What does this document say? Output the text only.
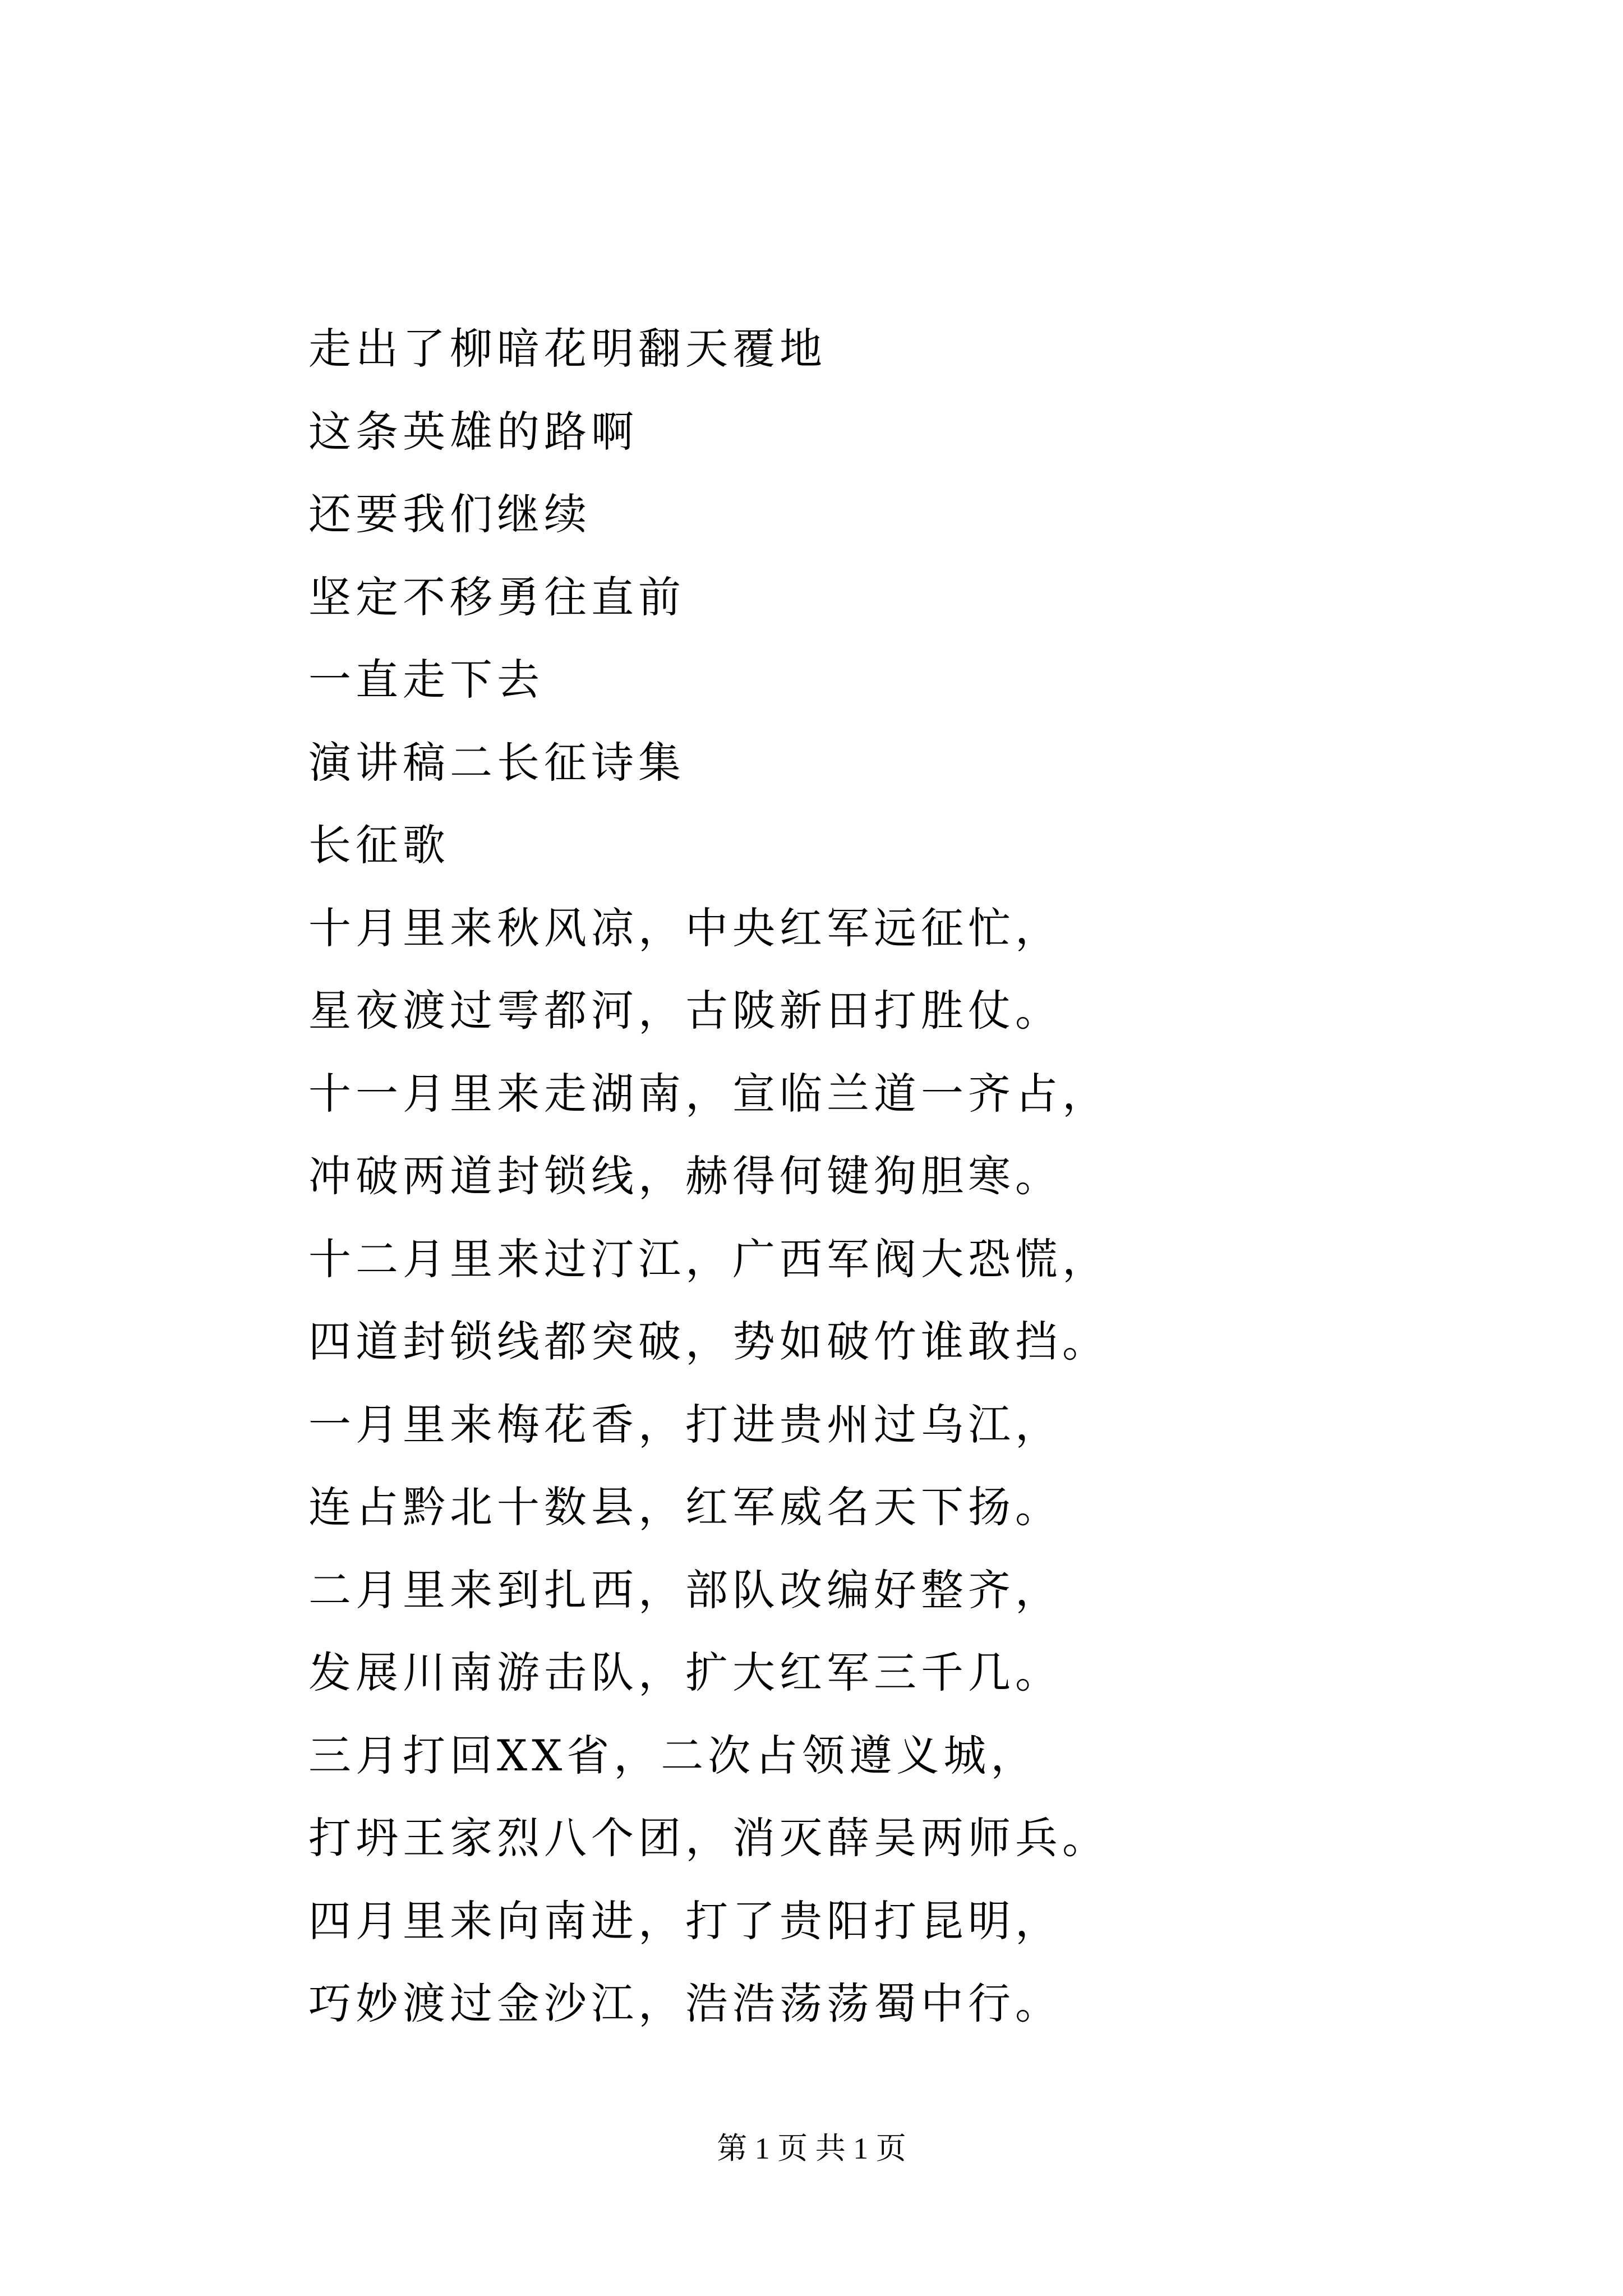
走出了柳暗花明翻天覆地
这条英雄的路啊
还要我们继续
坚定不移勇往直前
一直走下去
演讲稿二长征诗集
长征歌
十月里来秋风凉，中央红军远征忙，
星夜渡过雩都河，古陂新田打胜仗。
十一月里来走湖南，宣临兰道一齐占，
冲破两道封锁线，赫得何键狗胆寒。
十二月里来过汀江，广西军阀大恐慌，
四道封锁线都突破，势如破竹谁敢挡。
一月里来梅花香，打进贵州过乌江，
连占黔北十数县，红军威名天下扬。
二月里来到扎西，部队改编好整齐，
发展川南游击队，扩大红军三千几。
三月打回XX省，二次占领遵义城，
打坍王家烈八个团，消灭薛吴两师兵。
四月里来向南进，打了贵阳打昆明，
巧妙渡过金沙江，浩浩荡荡蜀中行。
第 1 页 共 1 页
